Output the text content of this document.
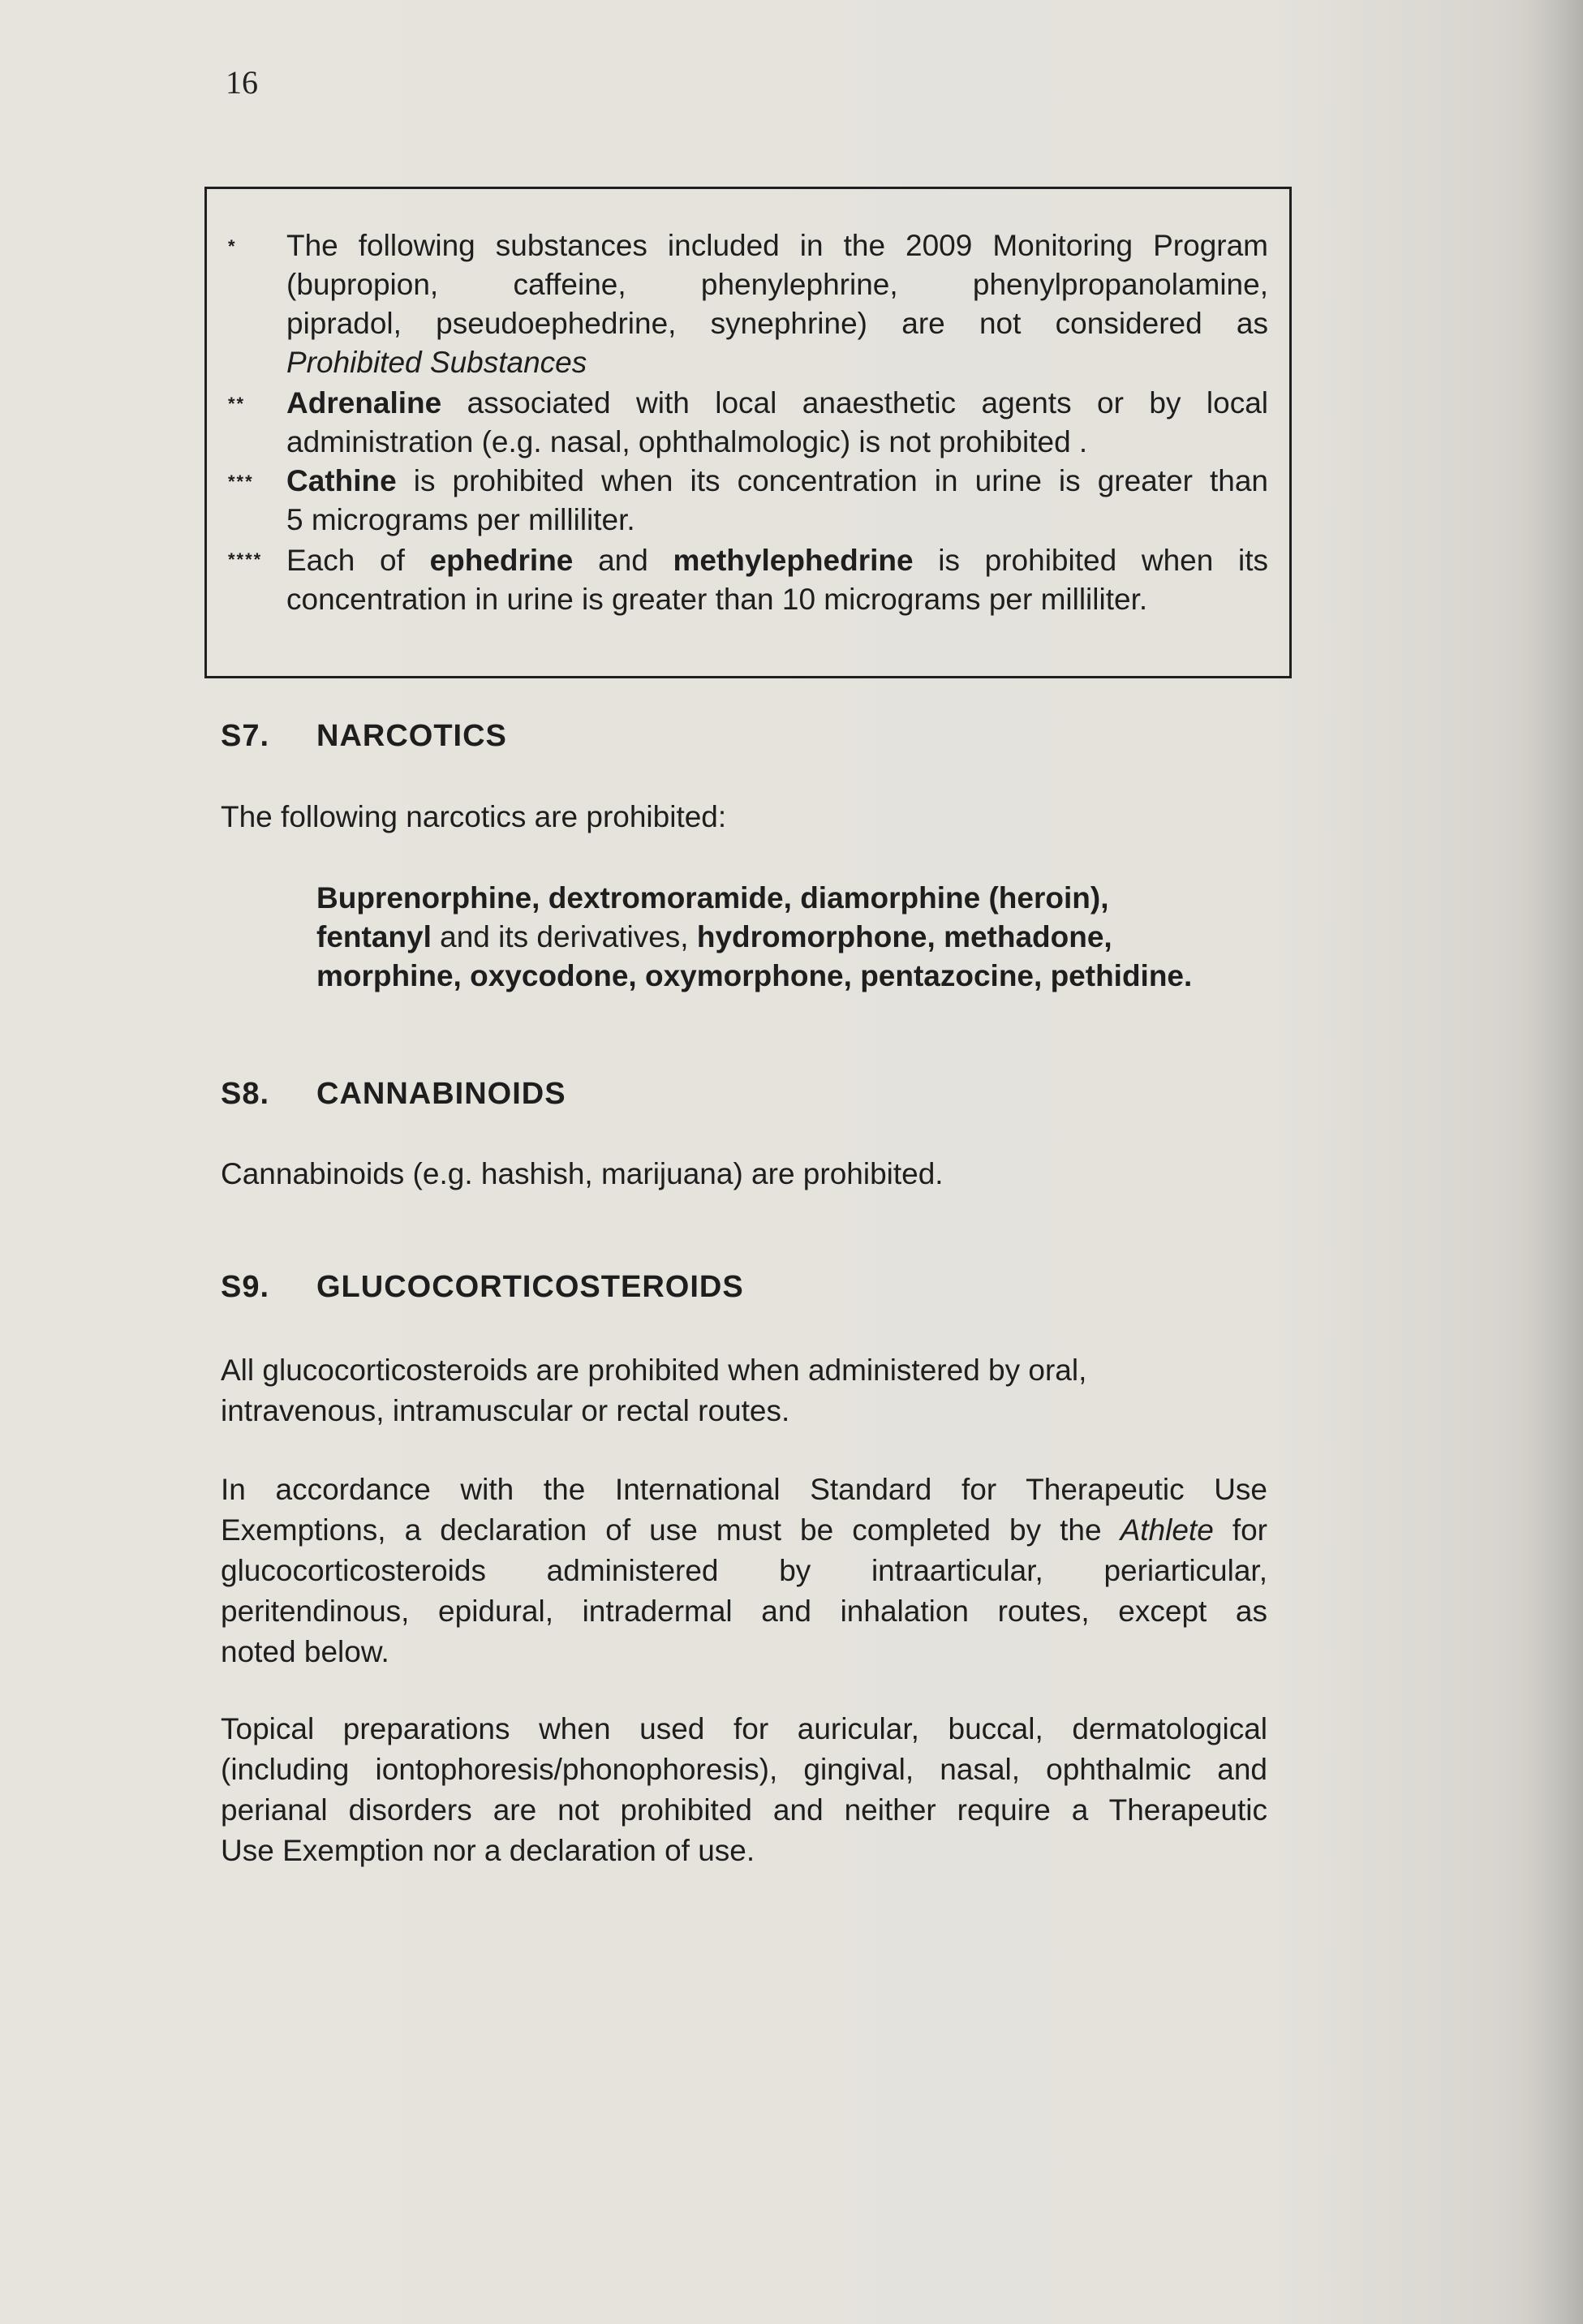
16
* The following substances included in the 2009 Monitoring Program
(bupropion, caffeine, phenylephrine, phenylpropanolamine,
pipradol, pseudoephedrine, synephrine) are not considered as
Prohibited Substances
** Adrenaline associated with local anaesthetic agents or by local
administration (e.g. nasal, ophthalmologic) is not prohibited .
*** Cathine is prohibited when its concentration in urine is greater than
5 micrograms per milliliter.
**** Each of ephedrine and methylephedrine is prohibited when its
concentration in urine is greater than 10 micrograms per milliliter.
S7. NARCOTICS
The following narcotics are prohibited:
Buprenorphine, dextromoramide, diamorphine (heroin),
fentanyl and its derivatives, hydromorphone, methadone,
morphine, oxycodone, oxymorphone, pentazocine, pethidine.
S8. CANNABINOIDS
Cannabinoids (e.g. hashish, marijuana) are prohibited.
S9. GLUCOCORTICOSTEROIDS
All glucocorticosteroids are prohibited when administered by oral,
intravenous, intramuscular or rectal routes.
In accordance with the International Standard for Therapeutic Use
Exemptions, a declaration of use must be completed by the Athlete for
glucocorticosteroids administered by intraarticular, periarticular,
peritendinous, epidural, intradermal and inhalation routes, except as
noted below.
Topical preparations when used for auricular, buccal, dermatological
(including iontophoresis/phonophoresis), gingival, nasal, ophthalmic and
perianal disorders are not prohibited and neither require a Therapeutic
Use Exemption nor a declaration of use.
